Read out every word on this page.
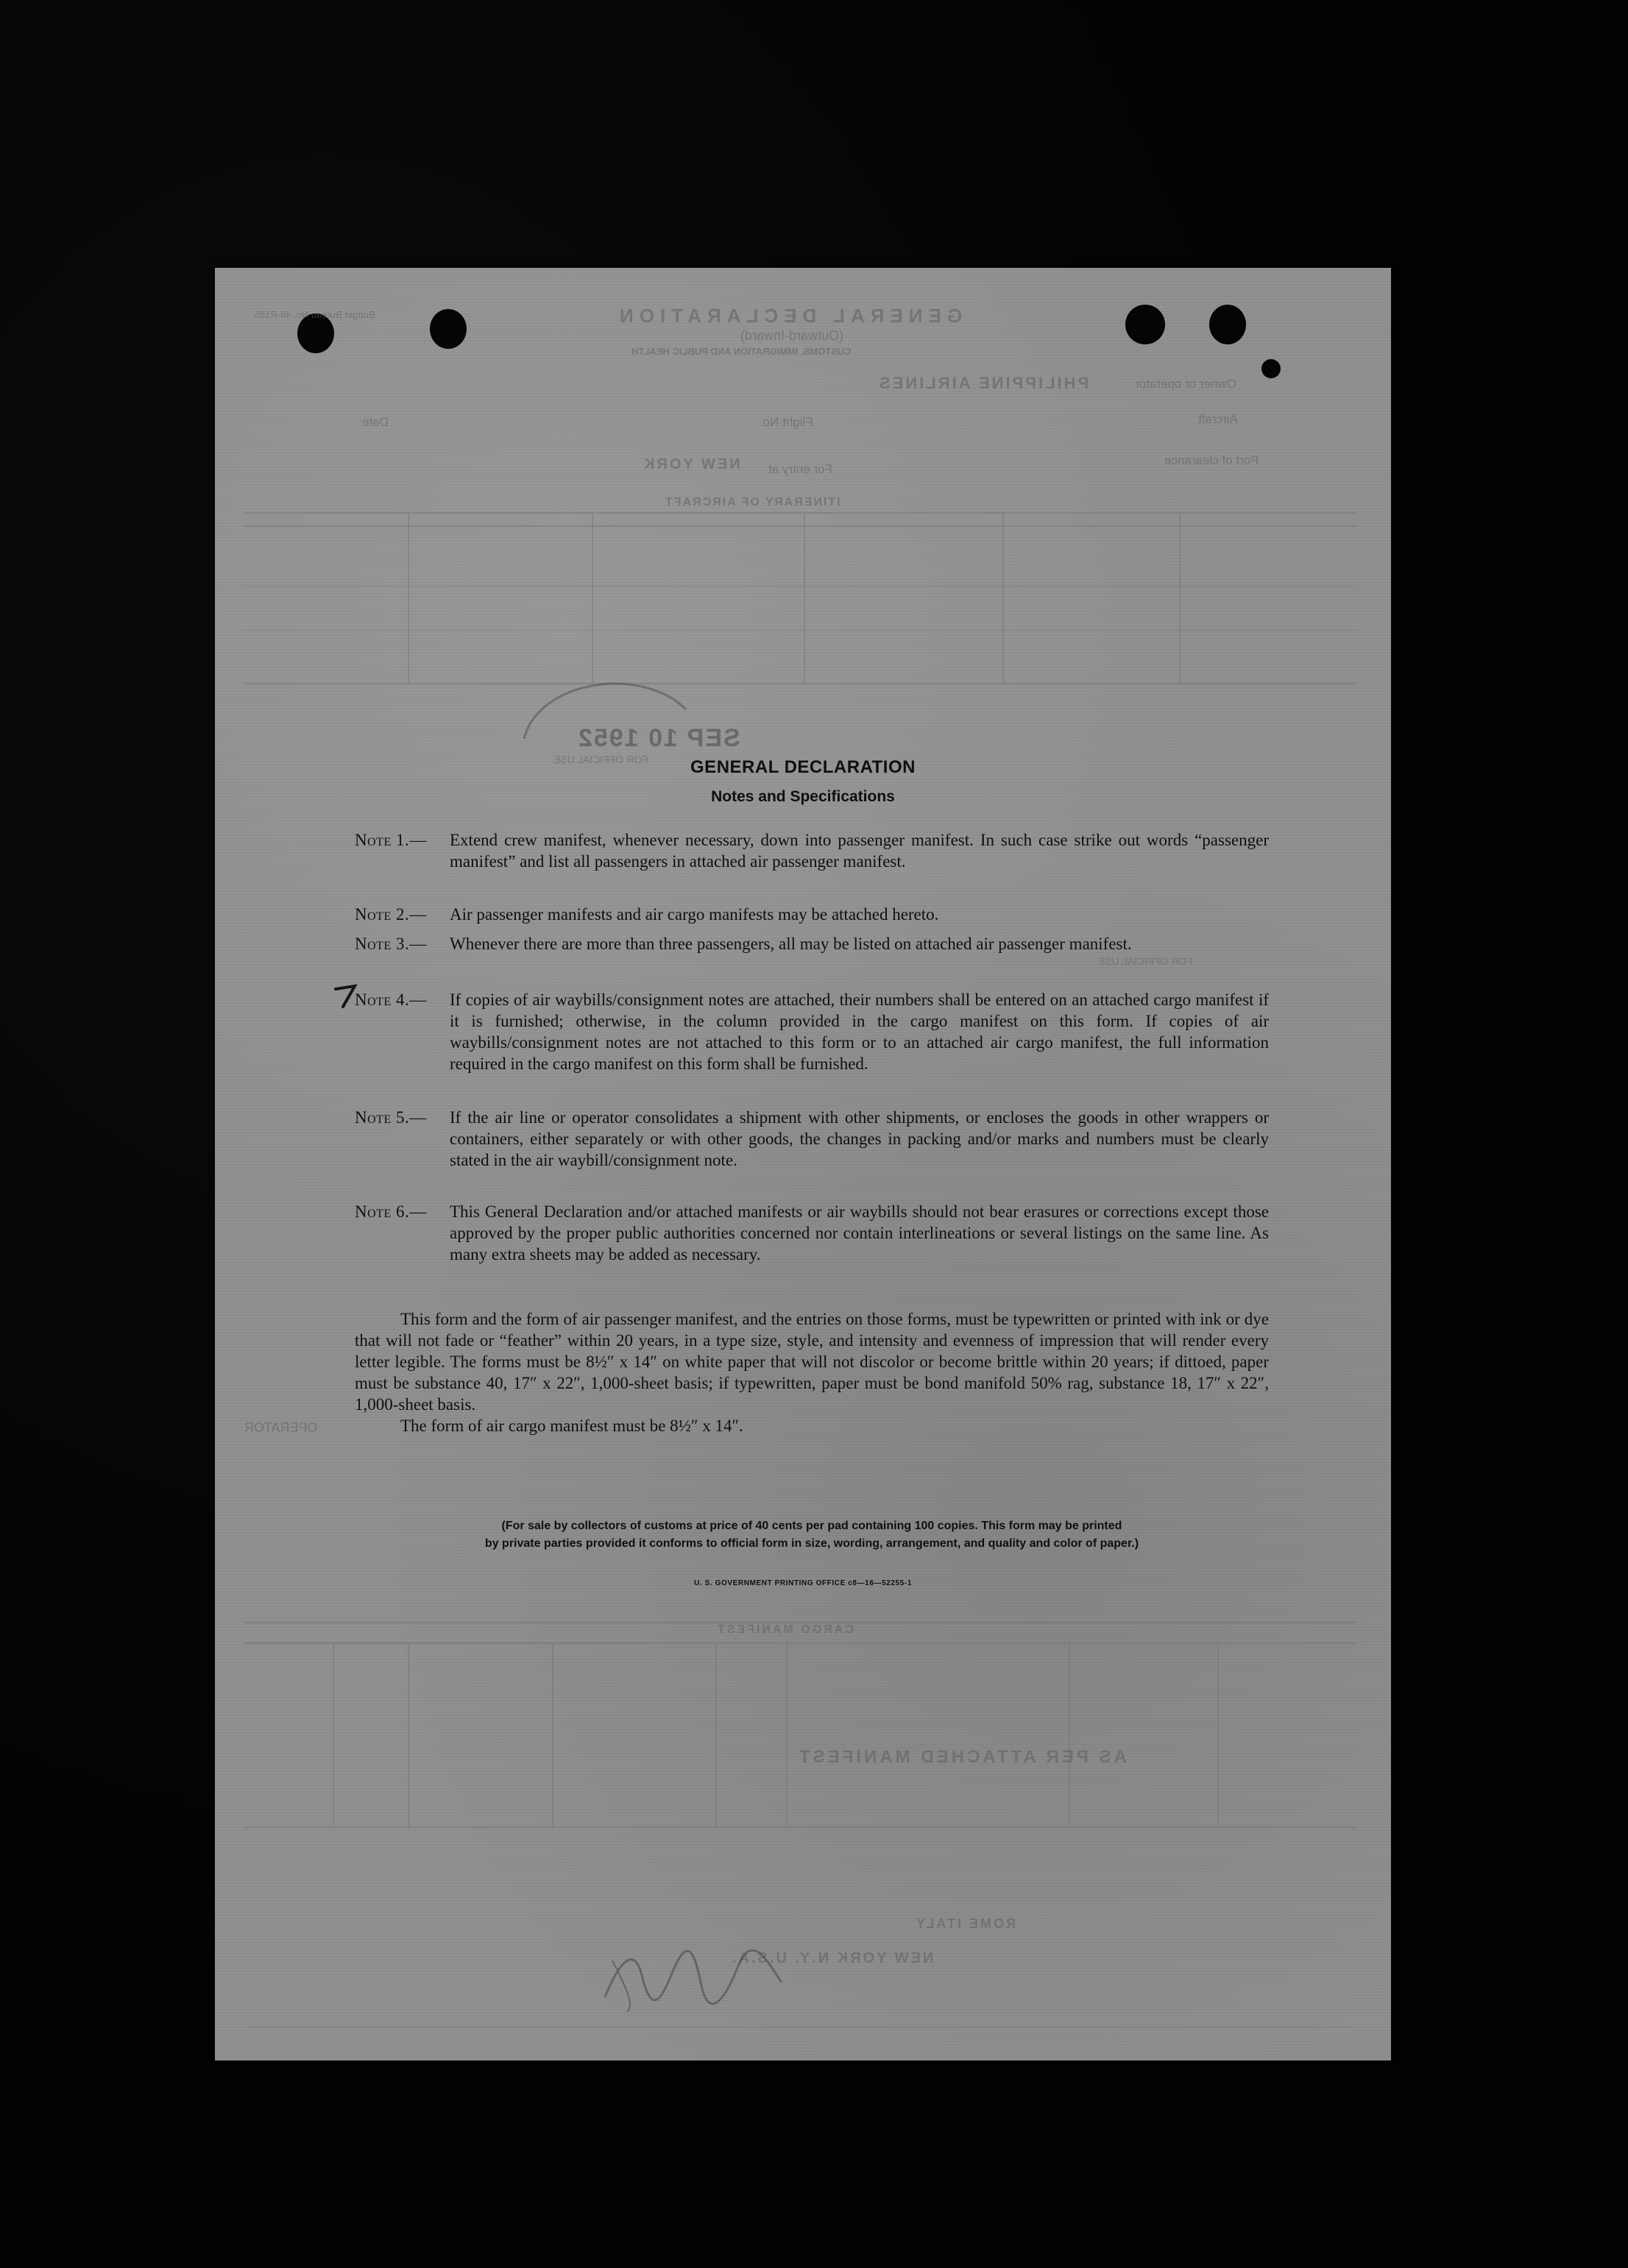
Budget Bureau No. 48-R185.	GENERAL DECLARATION
(Outward-Inward)
CUSTOMS, IMMIGRATION AND PUBLIC HEALTH
Owner or operator
PHILIPPINE AIRLINES
Aircraft
Flight No.
Date
Port of clearance
For entry at
NEW YORK
ITINERARY OF AIRCRAFT
SEP 10 1952
FOR OFFICIAL USE
FOR OFFICIAL USE
OPERATOR
CARGO MANIFEST
AS PER ATTACHED MANIFEST
NEW YORK N.Y. U.S.A.
ROME ITALY
GENERAL DECLARATION
Notes and Specifications
Note 1.—	Extend crew manifest, whenever necessary, down into passenger manifest. In such case strike out words “passenger manifest” and list all passengers in attached air passenger manifest.
Note 2.—	Air passenger manifests and air cargo manifests may be attached hereto.
Note 3.—	Whenever there are more than three passengers, all may be listed on attached air passenger manifest.
Note 4.—	If copies of air waybills/consignment notes are attached, their numbers shall be entered on an attached cargo manifest if it is furnished; otherwise, in the column provided in the cargo manifest on this form. If copies of air waybills/consignment notes are not attached to this form or to an attached air cargo manifest, the full information required in the cargo manifest on this form shall be furnished.
Note 5.—	If the air line or operator consolidates a shipment with other shipments, or encloses the goods in other wrappers or containers, either separately or with other goods, the changes in packing and/or marks and numbers must be clearly stated in the air waybill/consignment note.
Note 6.—	This General Declaration and/or attached manifests or air waybills should not bear erasures or corrections except those approved by the proper public authorities concerned nor contain interlineations or several listings on the same line. As many extra sheets may be added as necessary.
This form and the form of air passenger manifest, and the entries on those forms, must be typewritten or printed with ink or dye that will not fade or “feather” within 20 years, in a type size, style, and intensity and evenness of impression that will render every letter legible. The forms must be 8½″ x 14″ on white paper that will not discolor or become brittle within 20 years; if dittoed, paper must be substance 40, 17″ x 22″, 1,000-sheet basis; if typewritten, paper must be bond manifold 50% rag, substance 18, 17″ x 22″, 1,000-sheet basis.
The form of air cargo manifest must be 8½″ x 14″.
(For sale by collectors of customs at price of 40 cents per pad containing 100 copies. This form may be printed
by private parties provided it conforms to official form in size, wording, arrangement, and quality and color of paper.)
U. S. GOVERNMENT PRINTING OFFICE c8—16—52255-1
